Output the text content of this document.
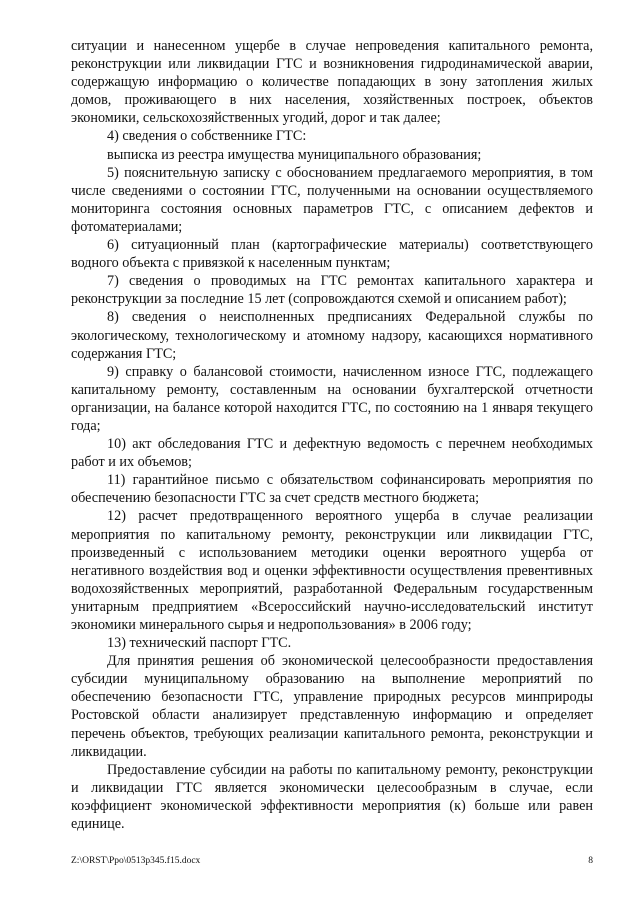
ситуации и нанесенном ущербе в случае непроведения капитального ремонта, реконструкции или ликвидации ГТС и возникновения гидродинамической аварии, содержащую информацию о количестве попадающих в зону затопления жилых домов, проживающего в них населения, хозяйственных построек, объектов экономики, сельскохозяйственных угодий, дорог и так далее;

4) сведения о собственнике ГТС:

выписка из реестра имущества муниципального образования;

5) пояснительную записку с обоснованием предлагаемого мероприятия, в том числе сведениями о состоянии ГТС, полученными на основании осуществляемого мониторинга состояния основных параметров ГТС, с описанием дефектов и фотоматериалами;

6) ситуационный план (картографические материалы) соответствующего водного объекта с привязкой к населенным пунктам;

7) сведения о проводимых на ГТС ремонтах капитального характера и реконструкции за последние 15 лет (сопровождаются схемой и описанием работ);

8) сведения о неисполненных предписаниях Федеральной службы по экологическому, технологическому и атомному надзору, касающихся нормативного содержания ГТС;

9) справку о балансовой стоимости, начисленном износе ГТС, подлежащего капитальному ремонту, составленным на основании бухгалтерской отчетности организации, на балансе которой находится ГТС, по состоянию на 1 января текущего года;

10) акт обследования ГТС и дефектную ведомость с перечнем необходимых работ и их объемов;

11) гарантийное письмо с обязательством софинансировать мероприятия по обеспечению безопасности ГТС за счет средств местного бюджета;

12) расчет предотвращенного вероятного ущерба в случае реализации мероприятия по капитальному ремонту, реконструкции или ликвидации ГТС, произведенный с использованием методики оценки вероятного ущерба от негативного воздействия вод и оценки эффективности осуществления превентивных водохозяйственных мероприятий, разработанной Федеральным государственным унитарным предприятием «Всероссийский научно-исследовательский институт экономики минерального сырья и недропользования» в 2006 году;

13) технический паспорт ГТС.

Для принятия решения об экономической целесообразности предоставления субсидии муниципальному образованию на выполнение мероприятий по обеспечению безопасности ГТС, управление природных ресурсов минприроды Ростовской области анализирует представленную информацию и определяет перечень объектов, требующих реализации капитального ремонта, реконструкции и ликвидации.

Предоставление субсидии на работы по капитальному ремонту, реконструкции и ликвидации ГТС является экономически целесообразным в случае, если коэффициент экономической эффективности мероприятия (к) больше или равен единице.

Z:\ORST\Ppo\0513p345.f15.docx	8
